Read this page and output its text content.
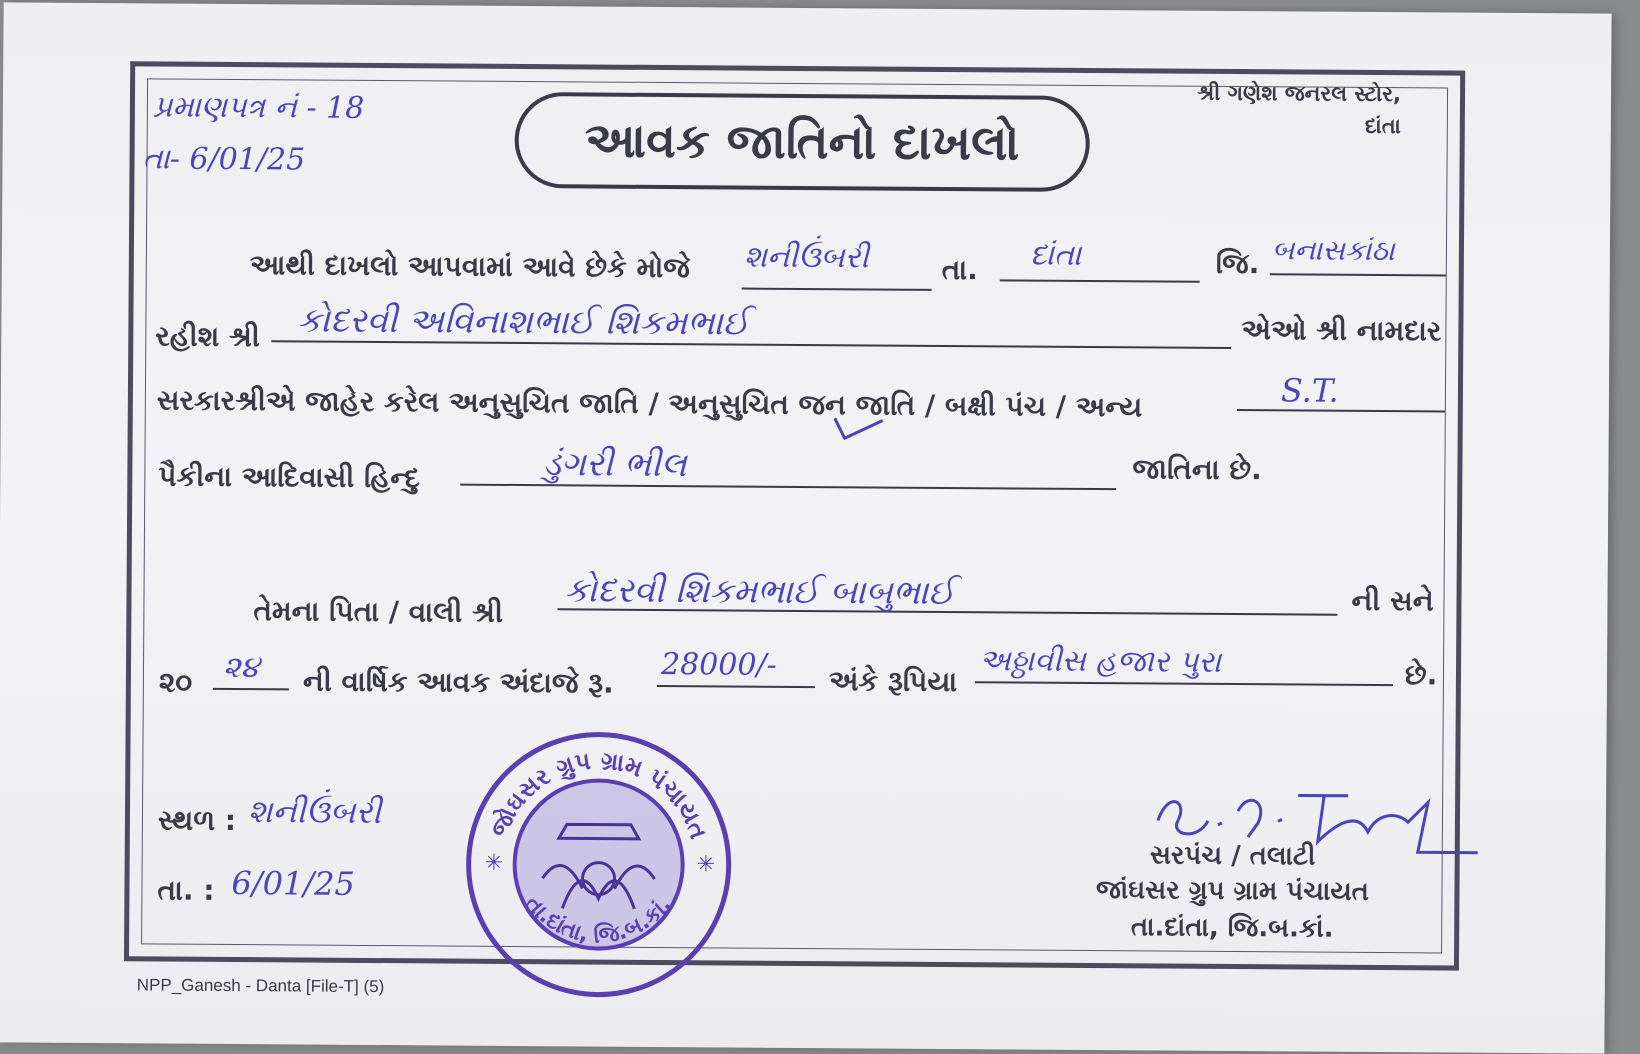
પ્રમાણપત્ર નં - 18
તા- 6/01/25	આવક જાતિનો દાખલો
શ્રી ગણેશ જનરલ સ્ટોર,
દાંતા
આથી દાખલો આપવામાં આવે છેકે મોજે શનીઉંબરી	તા. દાંતા	જિ. બનાસકાંઠા
રહીશ શ્રી કોદરવી અવિનાશભાઈ શિકમભાઈ	એઓ શ્રી નામદાર
સરકારશ્રીએ જાહેર કરેલ અનુસુચિત જાતિ / અનુસુચિત જન જાતિ / બક્ષી પંચ / અન્ય	S.T.
પૈકીના આદિવાસી હિન્દુ	ડુંગરી ભીલ	જાતિના છે.
તેમના પિતા / વાલી શ્રી કોદરવી શિકમભાઈ બાબુભાઈ	ની સને
૨૦ ૨૪ ની વાર્ષિક આવક અંદાજે રૂ. 28000/- અંકે રૂપિયા
અઠ્ઠાવીસ હજાર પુરા	છે.
સ્થળ : શનીઉંબરી
તા. : 6/01/25
જોઘસર ગ્રુપ ગ્રામ પંચાયત
તા.દાંતા, જિ.બ.કાં.
✳	✳	સરપંચ / તલાટી
જાંઘસર ગ્રુપ ગ્રામ પંચાયત
તા.દાંતા, જિ.બ.કાં.
NPP_Ganesh - Danta [File-T] (5)
